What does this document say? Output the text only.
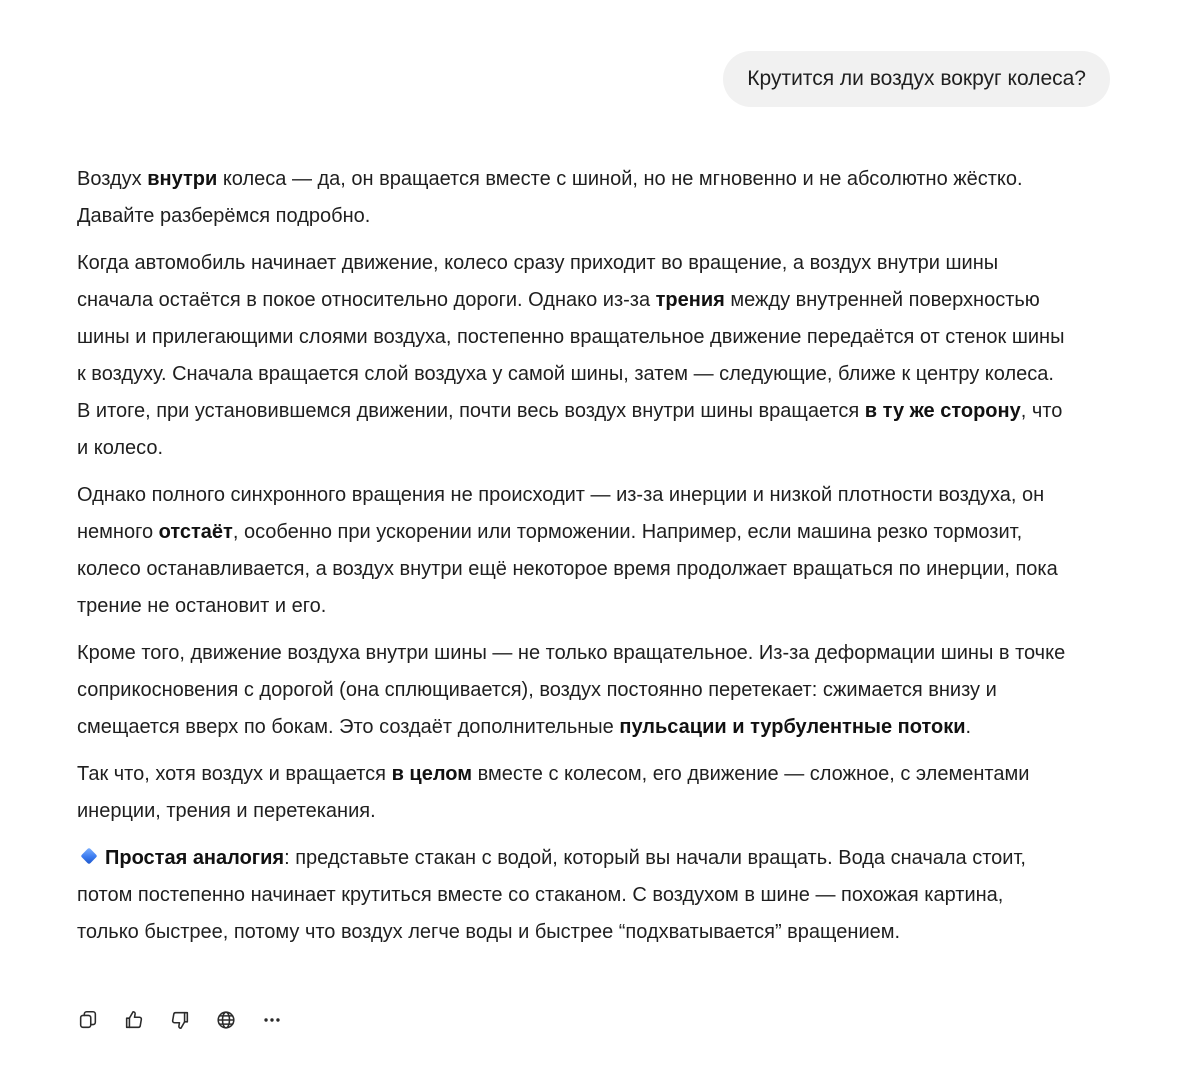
Крутится ли воздух вокруг колеса?

Воздух внутри колеса — да, он вращается вместе с шиной, но не мгновенно и не абсолютно жёстко. Давайте разберёмся подробно.

Когда автомобиль начинает движение, колесо сразу приходит во вращение, а воздух внутри шины сначала остаётся в покое относительно дороги. Однако из-за трения между внутренней поверхностью шины и прилегающими слоями воздуха, постепенно вращательное движение передаётся от стенок шины к воздуху. Сначала вращается слой воздуха у самой шины, затем — следующие, ближе к центру колеса. В итоге, при установившемся движении, почти весь воздух внутри шины вращается в ту же сторону, что и колесо.

Однако полного синхронного вращения не происходит — из-за инерции и низкой плотности воздуха, он немного отстаёт, особенно при ускорении или торможении. Например, если машина резко тормозит, колесо останавливается, а воздух внутри ещё некоторое время продолжает вращаться по инерции, пока трение не остановит и его.

Кроме того, движение воздуха внутри шины — не только вращательное. Из-за деформации шины в точке соприкосновения с дорогой (она сплющивается), воздух постоянно перетекает: сжимается внизу и смещается вверх по бокам. Это создаёт дополнительные пульсации и турбулентные потоки.

Так что, хотя воздух и вращается в целом вместе с колесом, его движение — сложное, с элементами инерции, трения и перетекания.

Простая аналогия: представьте стакан с водой, который вы начали вращать. Вода сначала стоит, потом постепенно начинает крутиться вместе со стаканом. С воздухом в шине — похожая картина, только быстрее, потому что воздух легче воды и быстрее “подхватывается” вращением.
